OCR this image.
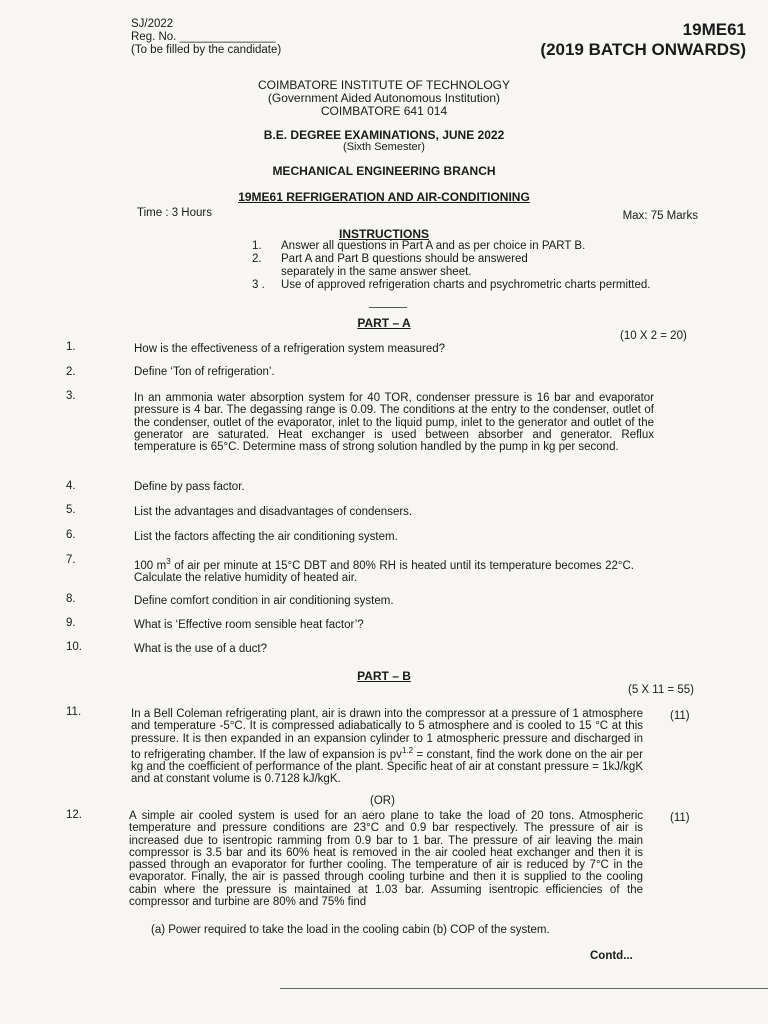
SJ/2022
Reg. No. _______________
(To be filled by the candidate)
19ME61
(2019 BATCH ONWARDS)
COIMBATORE INSTITUTE OF TECHNOLOGY
(Government Aided Autonomous Institution)
COIMBATORE 641 014
B.E. DEGREE EXAMINATIONS, JUNE 2022
(Sixth Semester)
MECHANICAL ENGINEERING BRANCH
19ME61 REFRIGERATION AND AIR-CONDITIONING
Time : 3 Hours	Max: 75 Marks
INSTRUCTIONS
1. Answer all questions in Part A and as per choice in PART B.
2. Part A and Part B questions should be answered separately in the same answer sheet.
3 . Use of approved refrigeration charts and psychrometric charts permitted.
PART – A
(10 X 2 = 20)
1.	How is the effectiveness of a refrigeration system measured?
2.	Define ‘Ton of refrigeration’.
3.	In an ammonia water absorption system for 40 TOR, condenser pressure is 16 bar and evaporator pressure is 4 bar. The degassing range is 0.09. The conditions at the entry to the condenser, outlet of the condenser, outlet of the evaporator, inlet to the liquid pump, inlet to the generator and outlet of the generator are saturated. Heat exchanger is used between absorber and generator. Reflux temperature is 65°C. Determine mass of strong solution handled by the pump in kg per second.
4.	Define by pass factor.
5.	List the advantages and disadvantages of condensers.
6.	List the factors affecting the air conditioning system.
7.	100 $m^3$ of air per minute at 15°C DBT and 80% RH is heated until its temperature becomes 22°C. Calculate the relative humidity of heated air.
8.	Define comfort condition in air conditioning system.
9.	What is ‘Effective room sensible heat factor’?
10.	What is the use of a duct?
PART – B
(5 X 11 = 55)
11.	In a Bell Coleman refrigerating plant, air is drawn into the compressor at a pressure of 1 atmosphere and temperature -5°C. It is compressed adiabatically to 5 atmosphere and is cooled to 15 °C at this pressure. It is then expanded in an expansion cylinder to 1 atmospheric pressure and discharged in to refrigerating chamber. If the law of expansion is $pv^{1.2}$ = constant, find the work done on the air per kg and the coefficient of performance of the plant. Specific heat of air at constant pressure = 1kJ/kgK and at constant volume is 0.7128 kJ/kgK.
(11)
(OR)
12.	A simple air cooled system is used for an aero plane to take the load of 20 tons. Atmospheric temperature and pressure conditions are 23°C and 0.9 bar respectively. The pressure of air is increased due to isentropic ramming from 0.9 bar to 1 bar. The pressure of air leaving the main compressor is 3.5 bar and its 60% heat is removed in the air cooled heat exchanger and then it is passed through an evaporator for further cooling. The temperature of air is reduced by 7°C in the evaporator. Finally, the air is passed through cooling turbine and then it is supplied to the cooling cabin where the pressure is maintained at 1.03 bar. Assuming isentropic efficiencies of the compressor and turbine are 80% and 75% find
(11)
(a) Power required to take the load in the cooling cabin (b) COP of the system.
Contd...
